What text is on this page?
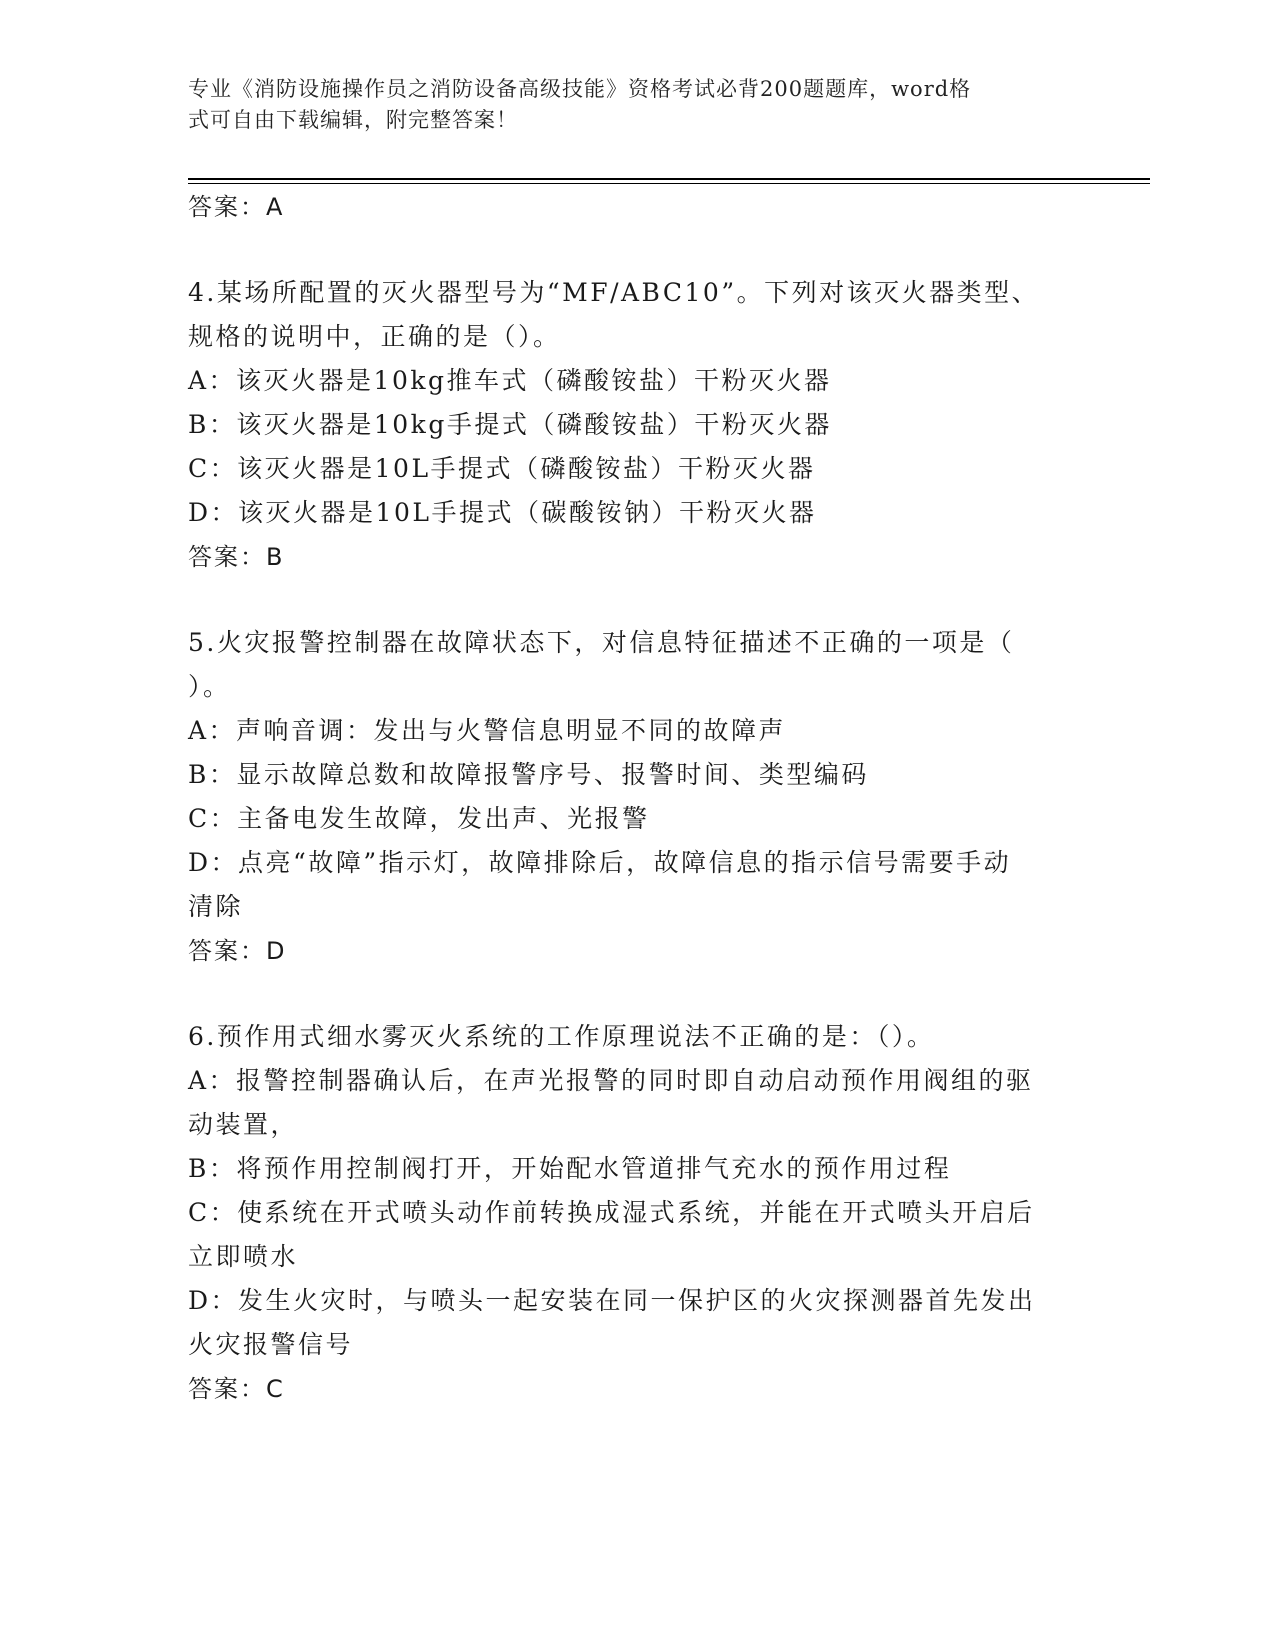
专业《消防设施操作员之消防设备高级技能》资格考试必背200题题库，word格
式可自由下载编辑，附完整答案！
答案：A
4.某场所配置的灭火器型号为“MF/ABC10”。下列对该灭火器类型、
规格的说明中，正确的是（）。
A：该灭火器是10kg推车式（磷酸铵盐）干粉灭火器
B：该灭火器是10kg手提式（磷酸铵盐）干粉灭火器
C：该灭火器是10L手提式（磷酸铵盐）干粉灭火器
D：该灭火器是10L手提式（碳酸铵钠）干粉灭火器
答案：B
5.火灾报警控制器在故障状态下，对信息特征描述不正确的一项是（
）。
A：声响音调：发出与火警信息明显不同的故障声
B：显示故障总数和故障报警序号、报警时间、类型编码
C：主备电发生故障，发出声、光报警
D：点亮“故障”指示灯，故障排除后，故障信息的指示信号需要手动
清除
答案：D
6.预作用式细水雾灭火系统的工作原理说法不正确的是：（）。
A：报警控制器确认后，在声光报警的同时即自动启动预作用阀组的驱
动装置，
B：将预作用控制阀打开，开始配水管道排气充水的预作用过程
C：使系统在开式喷头动作前转换成湿式系统，并能在开式喷头开启后
立即喷水
D：发生火灾时，与喷头一起安装在同一保护区的火灾探测器首先发出
火灾报警信号
答案：C
